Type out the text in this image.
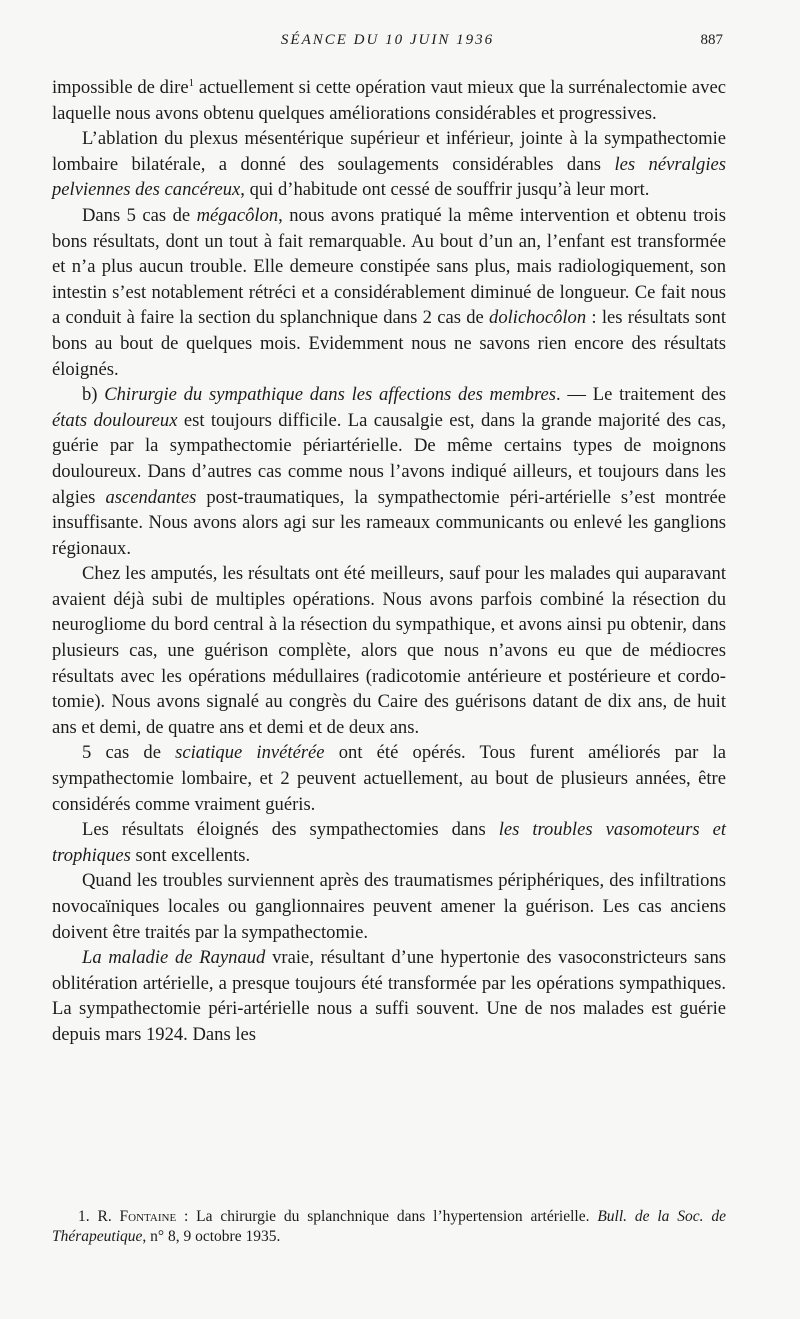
SÉANCE DU 10 JUIN 1936	887

impossible de dire$^1$ actuellement si cette opération vaut mieux que la surrénalectomie avec laquelle nous avons obtenu quelques améliorations considérables et progressives.

L’ablation du plexus mésentérique supérieur et inférieur, jointe à la sympathectomie lombaire bilatérale, a donné des soulagements considérables dans les névralgies pelviennes des cancéreux, qui d’habitude ont cessé de souffrir jusqu’à leur mort.

Dans 5 cas de mégacôlon, nous avons pratiqué la même intervention et obtenu trois bons résultats, dont un tout à fait remarquable. Au bout d’un an, l’enfant est transformée et n’a plus aucun trouble. Elle demeure constipée sans plus, mais radiologiquement, son intestin s’est notablement rétréci et a considérablement diminué de longueur. Ce fait nous a conduit à faire la section du splanchnique dans 2 cas de dolichocôlon : les résultats sont bons au bout de quelques mois. Evidemment nous ne savons rien encore des résultats éloignés.

b) Chirurgie du sympathique dans les affections des membres. — Le traitement des états douloureux est toujours difficile. La causalgie est, dans la grande majorité des cas, guérie par la sympathectomie périartérielle. De même certains types de moignons douloureux. Dans d’autres cas comme nous l’avons indiqué ailleurs, et toujours dans les algies ascendantes post-traumatiques, la sympathectomie péri-artérielle s’est montrée insuffisante. Nous avons alors agi sur les rameaux communicants ou enlevé les ganglions régionaux.

Chez les amputés, les résultats ont été meilleurs, sauf pour les malades qui auparavant avaient déjà subi de multiples opérations. Nous avons parfois combiné la résection du neurogliome du bord central à la résection du sympathique, et avons ainsi pu obtenir, dans plusieurs cas, une guérison complète, alors que nous n’avons eu que de médiocres résultats avec les opérations médullaires (radicotomie antérieure et postérieure et cordotomie). Nous avons signalé au congrès du Caire des guérisons datant de dix ans, de huit ans et demi, de quatre ans et demi et de deux ans.

5 cas de sciatique invétérée ont été opérés. Tous furent améliorés par la sympathectomie lombaire, et 2 peuvent actuellement, au bout de plusieurs années, être considérés comme vraiment guéris.

Les résultats éloignés des sympathectomies dans les troubles vasomoteurs et trophiques sont excellents.

Quand les troubles surviennent après des traumatismes périphériques, des infiltrations novocaïniques locales ou ganglionnaires peuvent amener la guérison. Les cas anciens doivent être traités par la sympathectomie.

La maladie de Raynaud vraie, résultant d’une hypertonie des vasoconstricteurs sans oblitération artérielle, a presque toujours été transformée par les opérations sympathiques. La sympathectomie péri-artérielle nous a suffi souvent. Une de nos malades est guérie depuis mars 1924. Dans les

1. R. Fontaine : La chirurgie du splanchnique dans l’hypertension artérielle. Bull. de la Soc. de Thérapeutique, n° 8, 9 octobre 1935.
